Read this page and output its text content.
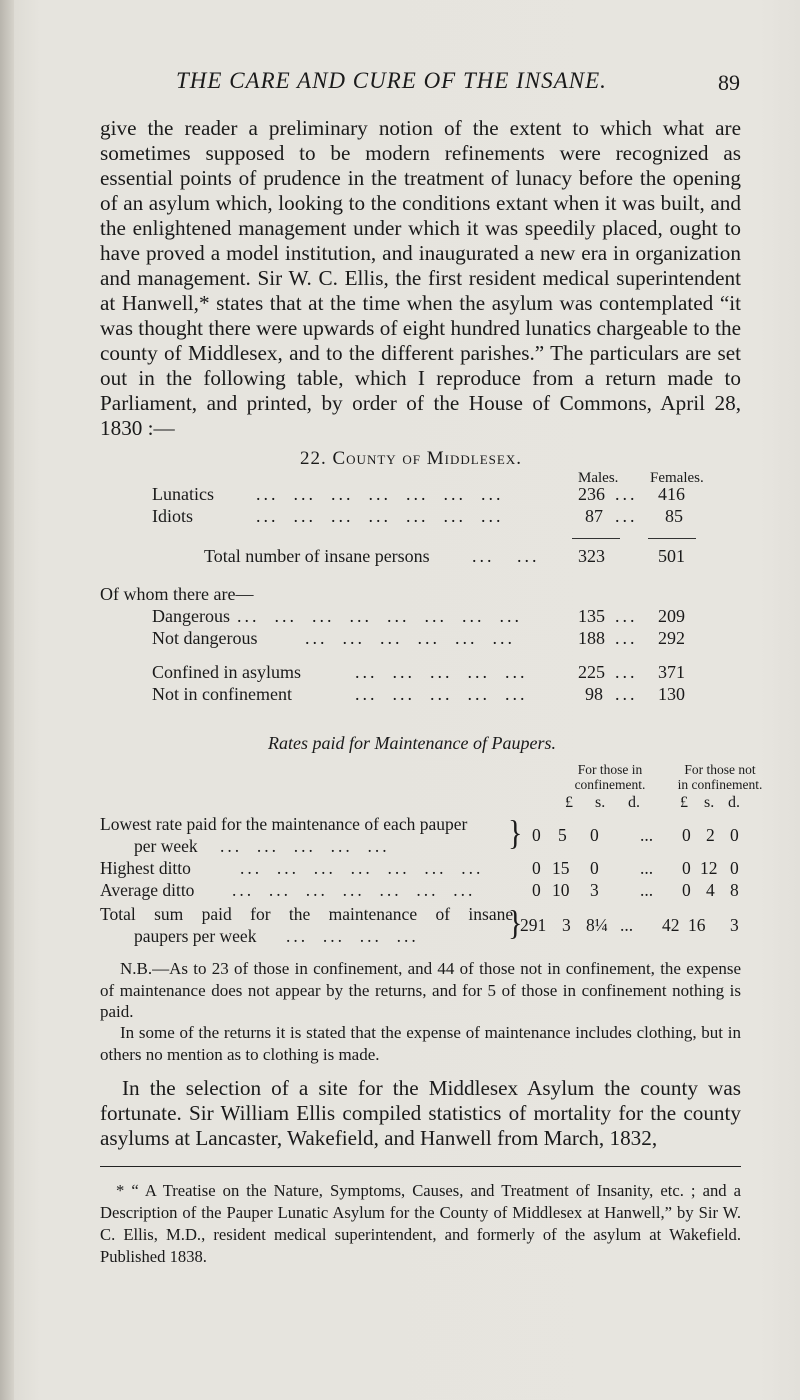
THE CARE AND CURE OF THE INSANE.	89

give the reader a preliminary notion of the extent to which what are sometimes supposed to be modern refinements were recognized as essential points of prudence in the treatment of lunacy before the opening of an asylum which, looking to the conditions extant when it was built, and the enlightened management under which it was speedily placed, ought to have proved a model institution, and inaugurated a new era in organization and management. Sir W. C. Ellis, the first resident medical superintendent at Hanwell,* states that at the time when the asylum was contemplated “it was thought there were upwards of eight hundred lunatics chargeable to the county of Middlesex, and to the different parishes.” The particulars are set out in the following table, which I reproduce from a return made to Parliament, and printed, by order of the House of Commons, April 28, 1830 :—

22. County of Middlesex.
Males. Females.
Lunatics ...  ...  ...  ...  ...  ...  ...	236 ... 416
Idiots	...  ...  ...  ...  ...  ...  ...	87 ... 85
Total number of insane persons ...   ... 323	501
Of whom there are—
Dangerous ...  ...  ...  ...  ...  ...  ...  ...	135 ... 209
Not dangerous	...  ...  ...  ...  ...  ...	188 ... 292
Confined in asylums	...  ...  ...  ...  ...	225 ... 371
Not in confinement	...  ...  ...  ...  ...	98 ... 130
Rates paid for Maintenance of Paupers.
For those in
confinement.
For those not
in confinement.
£ s. d.	£ s. d.
Lowest rate paid for the maintenance of each pauper
per week ...  ...  ...  ...  ...	} 0 5 0 ... 0 2 0
Highest ditto	...  ...  ...  ...  ...  ...  ...	0 15 0 ... 0 12 0
Average ditto ...  ...  ...  ...  ...  ...  ...	0 10 3 ... 0 4 8
Total sum paid for the maintenance of insane
paupers per week ...  ...  ...  ...	}
291 3 8¼ ... 42 16 3

N.B.—As to 23 of those in confinement, and 44 of those not in confinement, the expense of maintenance does not appear by the returns, and for 5 of those in confinement nothing is paid.

In some of the returns it is stated that the expense of maintenance includes clothing, but in others no mention as to clothing is made.

In the selection of a site for the Middlesex Asylum the county was fortunate. Sir William Ellis compiled statistics of mortality for the county asylums at Lancaster, Wakefield, and Hanwell from March, 1832,

* “ A Treatise on the Nature, Symptoms, Causes, and Treatment of Insanity, etc. ; and a Description of the Pauper Lunatic Asylum for the County of Middlesex at Hanwell,” by Sir W. C. Ellis, M.D., resident medical superintendent, and formerly of the asylum at Wakefield. Published 1838.
